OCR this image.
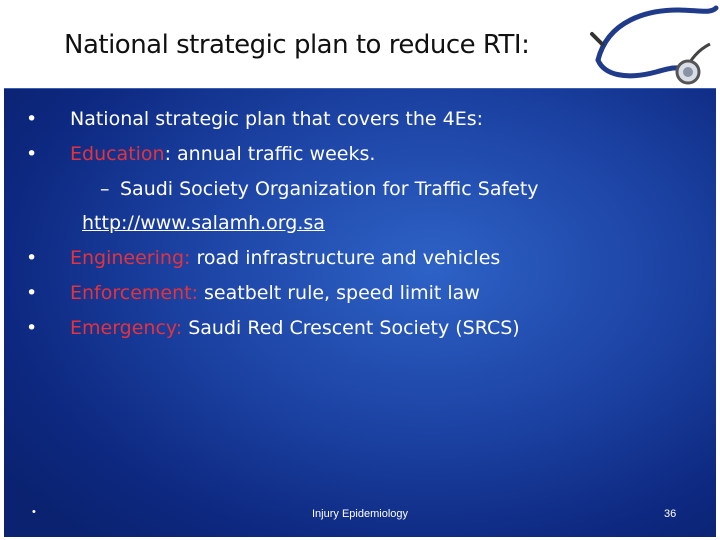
National strategic plan to reduce RTI:
• National strategic plan that covers the 4Es:
• Education: annual traffic weeks.
– Saudi Society Organization for Traffic Safety
http://www.salamh.org.sa
• Engineering: road infrastructure and vehicles
• Enforcement: seatbelt rule, speed limit law
• Emergency: Saudi Red Crescent Society (SRCS)
•	Injury Epidemiology	36
